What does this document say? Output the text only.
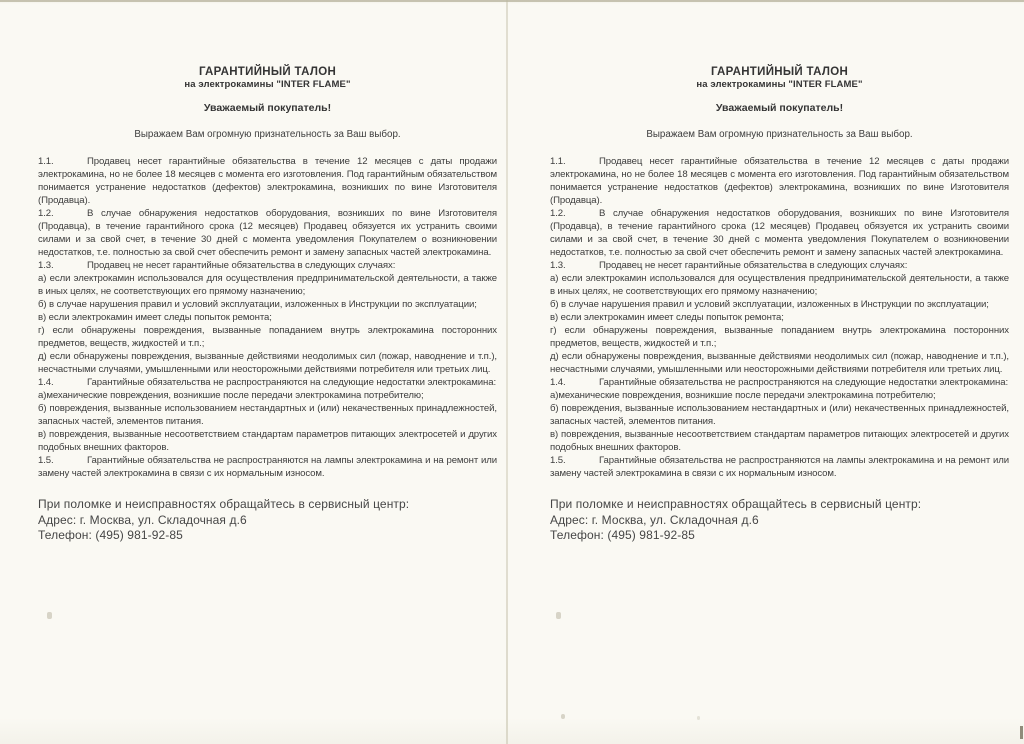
ГАРАНТИЙНЫЙ ТАЛОН
на электрокамины "INTER FLAME"

Уважаемый покупатель!

Выражаем Вам огромную признательность за Ваш выбор.

1.1.	Продавец несет гарантийные обязательства в течение 12 месяцев с даты продажи электрокамина, но не более 18 месяцев с момента его изготовления. Под гарантийным обязательством понимается устранение недостатков (дефектов) электрокамина, возникших по вине Изготовителя (Продавца).

1.2.	В случае обнаружения недостатков оборудования, возникших по вине Изготовителя (Продавца), в течение гарантийного срока (12 месяцев) Продавец обязуется их устранить своими силами и за свой счет, в течение 30 дней с момента уведомления Покупателем о возникновении недостатков, т.е. полностью за свой счет обеспечить ремонт и замену запасных частей электрокамина.

1.3.	Продавец не несет гарантийные обязательства в следующих случаях:

а) если электрокамин использовался для осуществления предпринимательской деятельности, а также в иных целях, не соответствующих его прямому назначению;

б) в случае нарушения правил и условий эксплуатации, изложенных в Инструкции по эксплуатации;

в) если электрокамин имеет следы попыток ремонта;

г) если обнаружены повреждения, вызванные попаданием внутрь электрокамина посторонних предметов, веществ, жидкостей и т.п.;

д) если обнаружены повреждения, вызванные действиями неодолимых сил (пожар, наводнение и т.п.), несчастными случаями, умышленными или неосторожными действиями потребителя или третьих лиц.

1.4.	Гарантийные обязательства не распространяются на следующие недостатки электрокамина:

а)механические повреждения, возникшие после передачи электрокамина потребителю;

б) повреждения, вызванные использованием нестандартных и (или) некачественных принадлежностей, запасных частей, элементов питания.

в) повреждения, вызванные несоответствием стандартам параметров питающих электросетей и других подобных внешних факторов.

1.5.	Гарантийные обязательства не распространяются на лампы электрокамина и на ремонт или замену частей электрокамина в связи с их нормальным износом.

При поломке и неисправностях обращайтесь в сервисный центр:

Адрес: г. Москва, ул. Складочная д.6

Телефон: (495) 981-92-85

ГАРАНТИЙНЫЙ ТАЛОН
на электрокамины "INTER FLAME"

Уважаемый покупатель!

Выражаем Вам огромную признательность за Ваш выбор.

1.1.	Продавец несет гарантийные обязательства в течение 12 месяцев с даты продажи электрокамина, но не более 18 месяцев с момента его изготовления. Под гарантийным обязательством понимается устранение недостатков (дефектов) электрокамина, возникших по вине Изготовителя (Продавца).

1.2.	В случае обнаружения недостатков оборудования, возникших по вине Изготовителя (Продавца), в течение гарантийного срока (12 месяцев) Продавец обязуется их устранить своими силами и за свой счет, в течение 30 дней с момента уведомления Покупателем о возникновении недостатков, т.е. полностью за свой счет обеспечить ремонт и замену запасных частей электрокамина.

1.3.	Продавец не несет гарантийные обязательства в следующих случаях:

а) если электрокамин использовался для осуществления предпринимательской деятельности, а также в иных целях, не соответствующих его прямому назначению;

б) в случае нарушения правил и условий эксплуатации, изложенных в Инструкции по эксплуатации;

в) если электрокамин имеет следы попыток ремонта;

г) если обнаружены повреждения, вызванные попаданием внутрь электрокамина посторонних предметов, веществ, жидкостей и т.п.;

д) если обнаружены повреждения, вызванные действиями неодолимых сил (пожар, наводнение и т.п.), несчастными случаями, умышленными или неосторожными действиями потребителя или третьих лиц.

1.4.	Гарантийные обязательства не распространяются на следующие недостатки электрокамина:

а)механические повреждения, возникшие после передачи электрокамина потребителю;

б) повреждения, вызванные использованием нестандартных и (или) некачественных принадлежностей, запасных частей, элементов питания.

в) повреждения, вызванные несоответствием стандартам параметров питающих электросетей и других подобных внешних факторов.

1.5.	Гарантийные обязательства не распространяются на лампы электрокамина и на ремонт или замену частей электрокамина в связи с их нормальным износом.

При поломке и неисправностях обращайтесь в сервисный центр:

Адрес: г. Москва, ул. Складочная д.6

Телефон: (495) 981-92-85
